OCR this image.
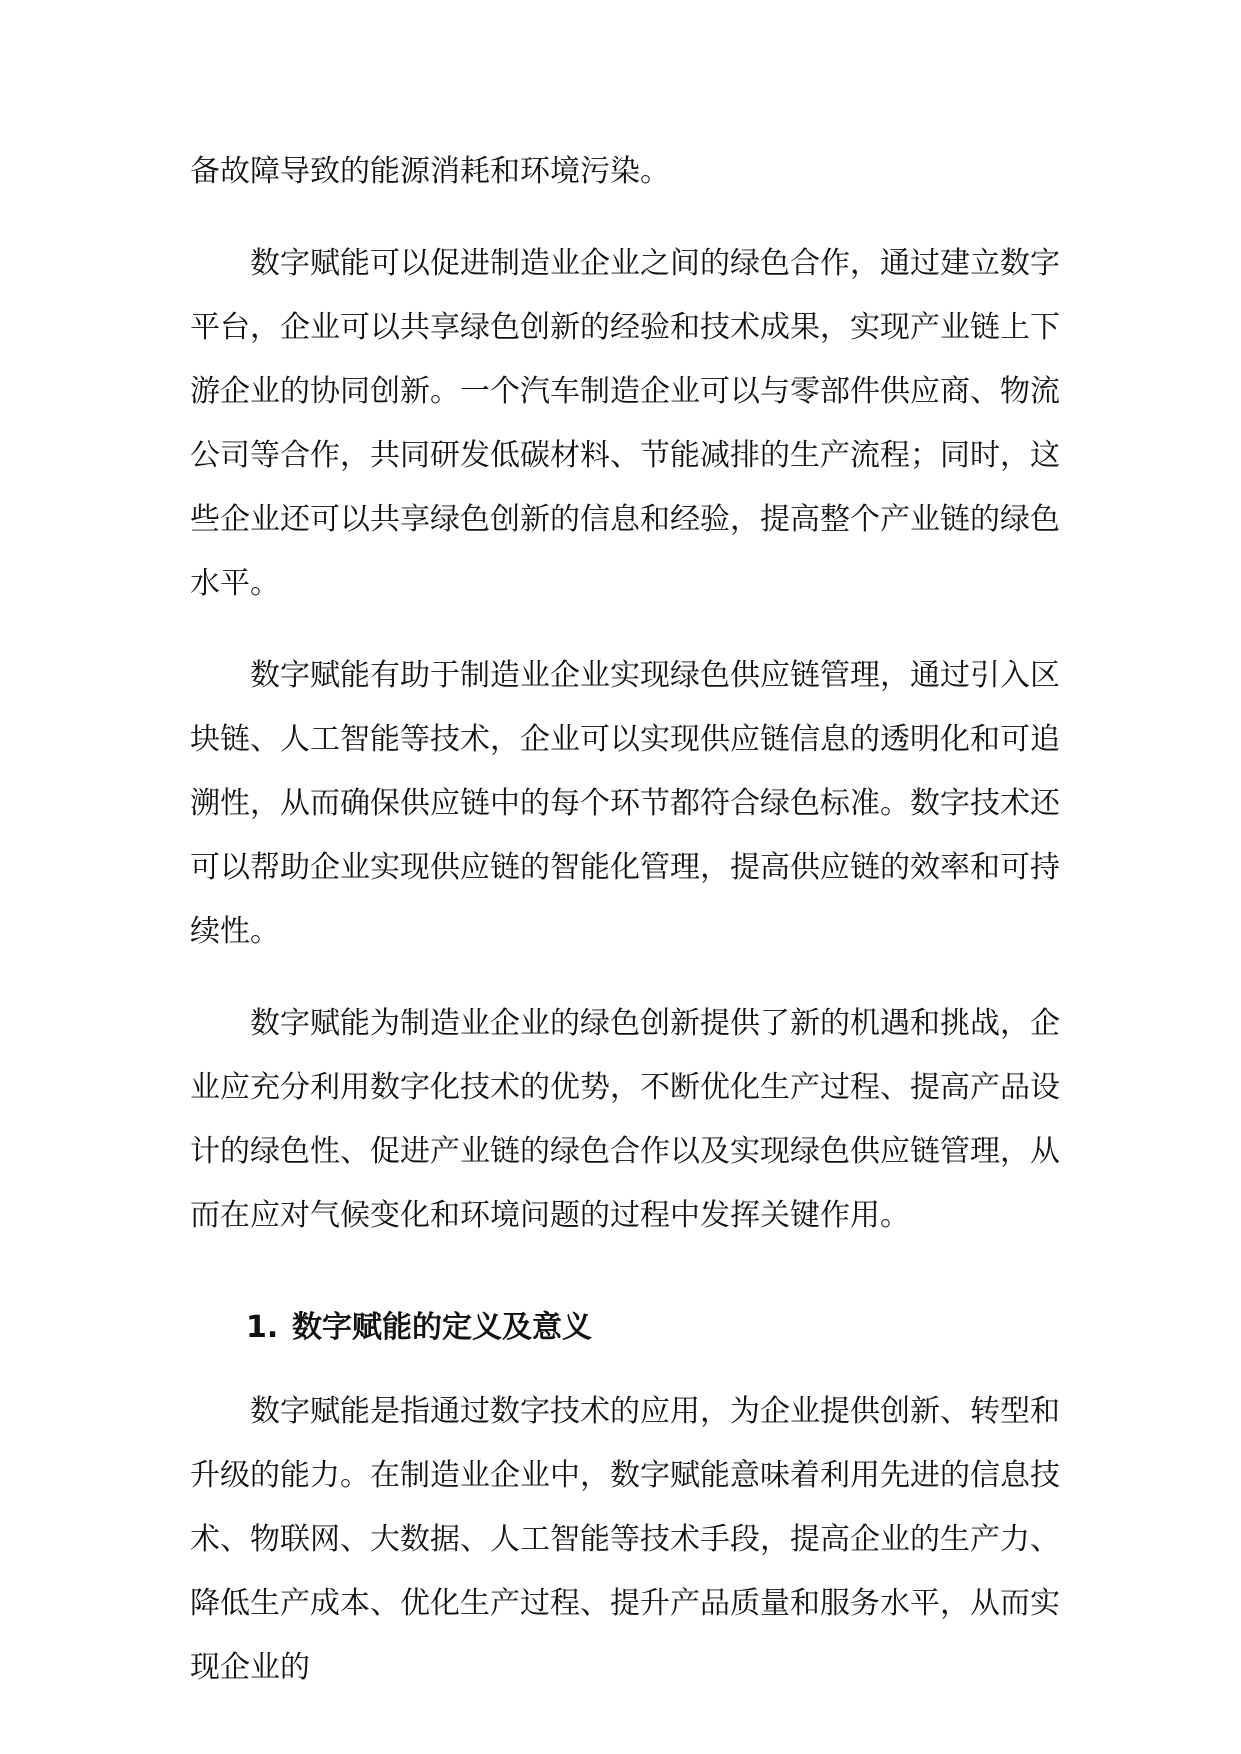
备故障导致的能源消耗和环境污染。

数字赋能可以促进制造业企业之间的绿色合作，通过建立数字平台，企业可以共享绿色创新的经验和技术成果，实现产业链上下游企业的协同创新。一个汽车制造企业可以与零部件供应商、物流公司等合作，共同研发低碳材料、节能减排的生产流程；同时，这些企业还可以共享绿色创新的信息和经验，提高整个产业链的绿色水平。

数字赋能有助于制造业企业实现绿色供应链管理，通过引入区块链、人工智能等技术，企业可以实现供应链信息的透明化和可追溯性，从而确保供应链中的每个环节都符合绿色标准。数字技术还可以帮助企业实现供应链的智能化管理，提高供应链的效率和可持续性。

数字赋能为制造业企业的绿色创新提供了新的机遇和挑战，企业应充分利用数字化技术的优势，不断优化生产过程、提高产品设计的绿色性、促进产业链的绿色合作以及实现绿色供应链管理，从而在应对气候变化和环境问题的过程中发挥关键作用。

1. 数字赋能的定义及意义

数字赋能是指通过数字技术的应用，为企业提供创新、转型和升级的能力。在制造业企业中，数字赋能意味着利用先进的信息技术、物联网、大数据、人工智能等技术手段，提高企业的生产力、降低生产成本、优化生产过程、提升产品质量和服务水平，从而实现企业的
